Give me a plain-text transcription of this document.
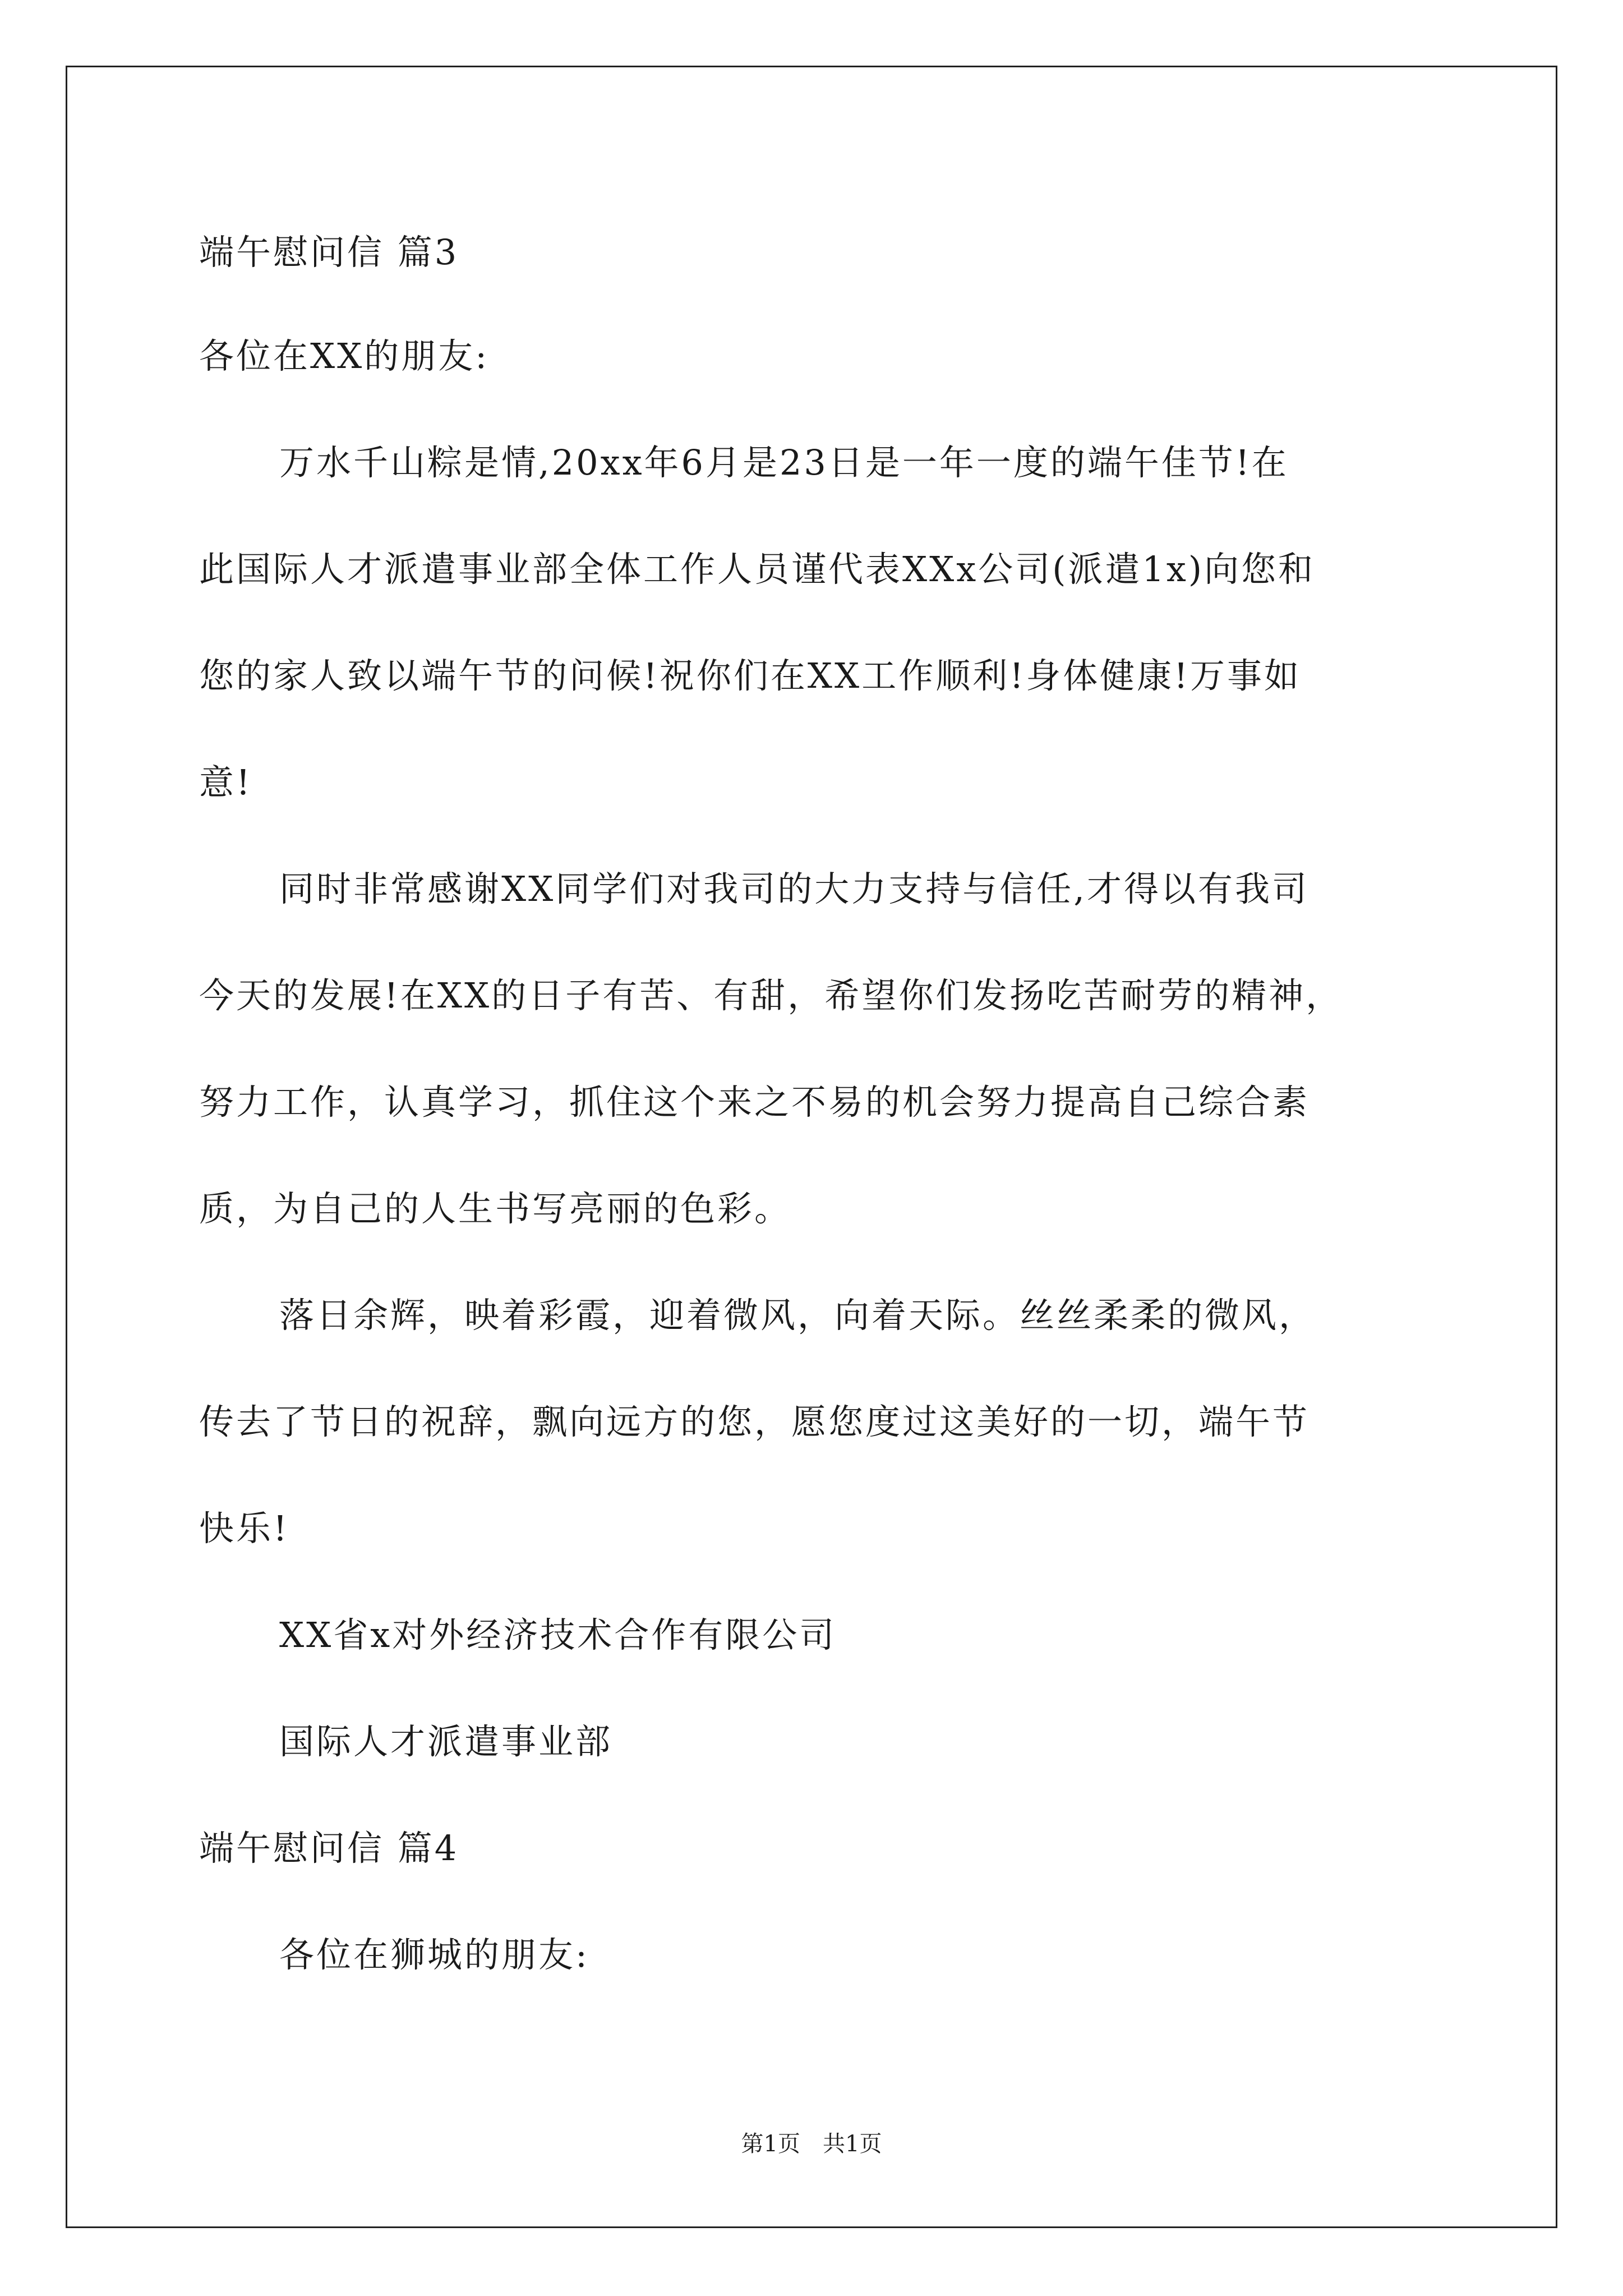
端午慰问信 篇3
各位在XX的朋友:
万水千山粽是情,20xx年6月是23日是一年一度的端午佳节!在
此国际人才派遣事业部全体工作人员谨代表XXx公司(派遣1x)向您和
您的家人致以端午节的问候!祝你们在XX工作顺利!身体健康!万事如
意!
同时非常感谢XX同学们对我司的大力支持与信任,才得以有我司
今天的发展!在XX的日子有苦、有甜，希望你们发扬吃苦耐劳的精神，
努力工作，认真学习，抓住这个来之不易的机会努力提高自己综合素
质，为自己的人生书写亮丽的色彩。
落日余辉，映着彩霞，迎着微风，向着天际。丝丝柔柔的微风，
传去了节日的祝辞，飘向远方的您，愿您度过这美好的一切，端午节
快乐!
XX省x对外经济技术合作有限公司
国际人才派遣事业部
端午慰问信 篇4
各位在狮城的朋友:
第1页　共1页
